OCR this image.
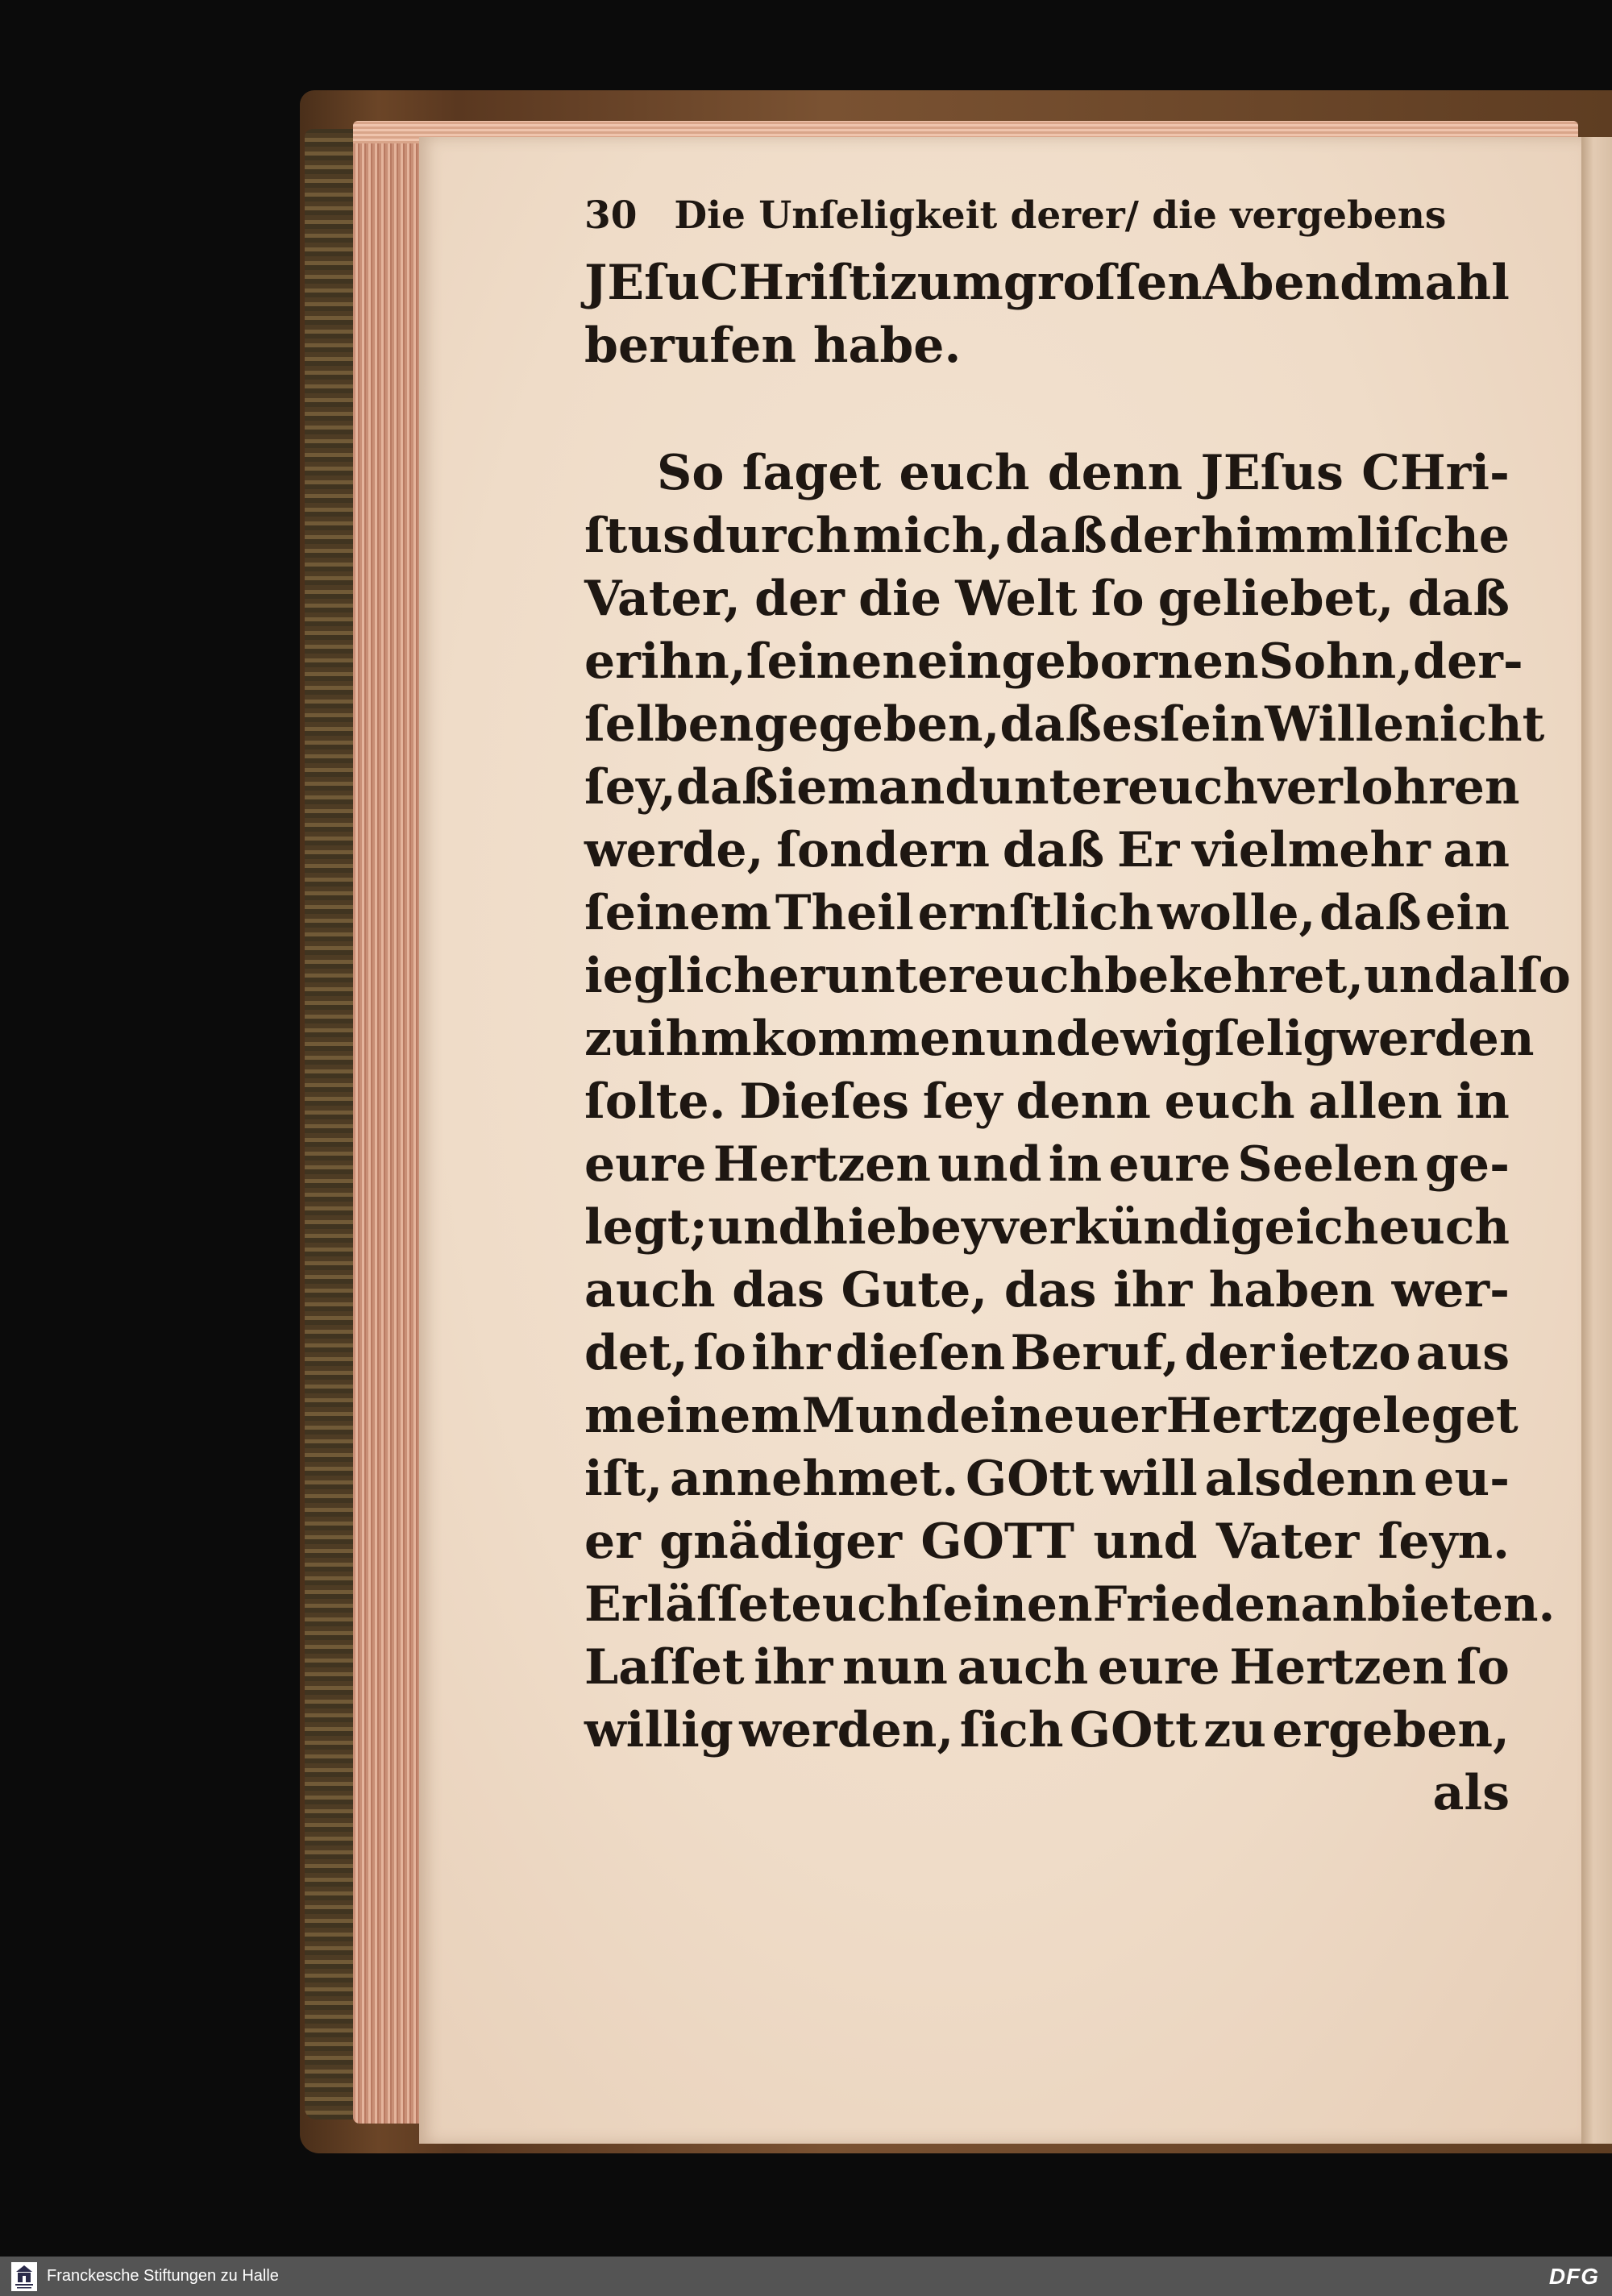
30 Die Unſeligkeit derer/ die vergebens
JEſu CHriſti zum groſſen Abendmahl
berufen habe.
So ſaget euch denn JEſus CHri-
ſtus durch mich, daß der himmliſche
Vater, der die Welt ſo geliebet, daß
er ihn, ſeinen eingebornen Sohn, der-
ſelben gegeben, daß es ſein Wille nicht
ſey, daß iemand unter euch verlohren
werde, ſondern daß Er vielmehr an
ſeinem Theil ernſtlich wolle, daß ein
ieglicher unter euch bekehret, und alſo
zu ihm kommen und ewig ſelig werden
ſolte. Dieſes ſey denn euch allen in
eure Hertzen und in eure Seelen ge-
legt; und hiebey verkündige ich euch
auch das Gute, das ihr haben wer-
det, ſo ihr dieſen Beruf, der ietzo aus
meinem Munde in euer Hertz geleget
iſt, annehmet. GOtt will alsdenn eu-
er gnädiger GOTT und Vater ſeyn.
Er läſſet euch ſeinen Frieden anbieten.
Laſſet ihr nun auch eure Hertzen ſo
willig werden, ſich GOtt zu ergeben,
als
Franckesche Stiftungen zu Halle	DFG
